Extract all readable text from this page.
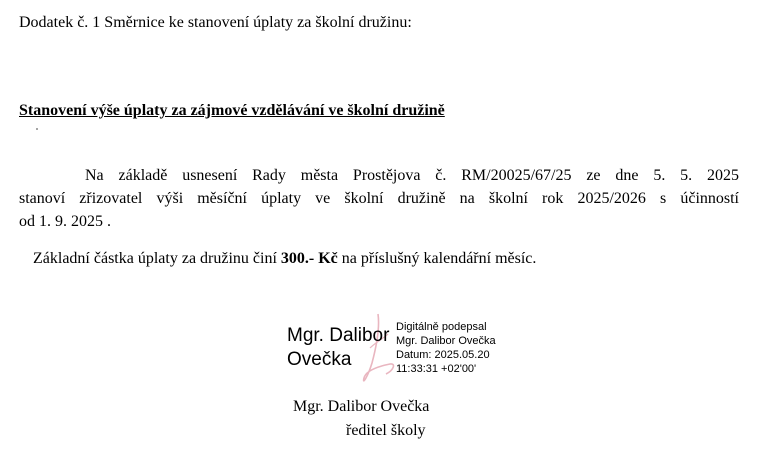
Dodatek č. 1 Směrnice ke stanovení úplaty za školní družinu:
Stanovení výše úplaty za zájmové vzdělávání ve školní družině
Na základě usnesení Rady města Prostějova č. RM/20025/67/25 ze dne 5. 5. 2025
stanoví zřizovatel výši měsíční úplaty ve školní družině na školní rok 2025/2026 s účinností
od 1. 9. 2025 .
Základní částka úplaty za družinu činí 300.- Kč na příslušný kalendářní měsíc.
Mgr. Dalibor
Ovečka
Digitálně podepsal
Mgr. Dalibor Ovečka
Datum: 2025.05.20
11:33:31 +02'00'
Mgr. Dalibor Ovečka
ředitel školy
